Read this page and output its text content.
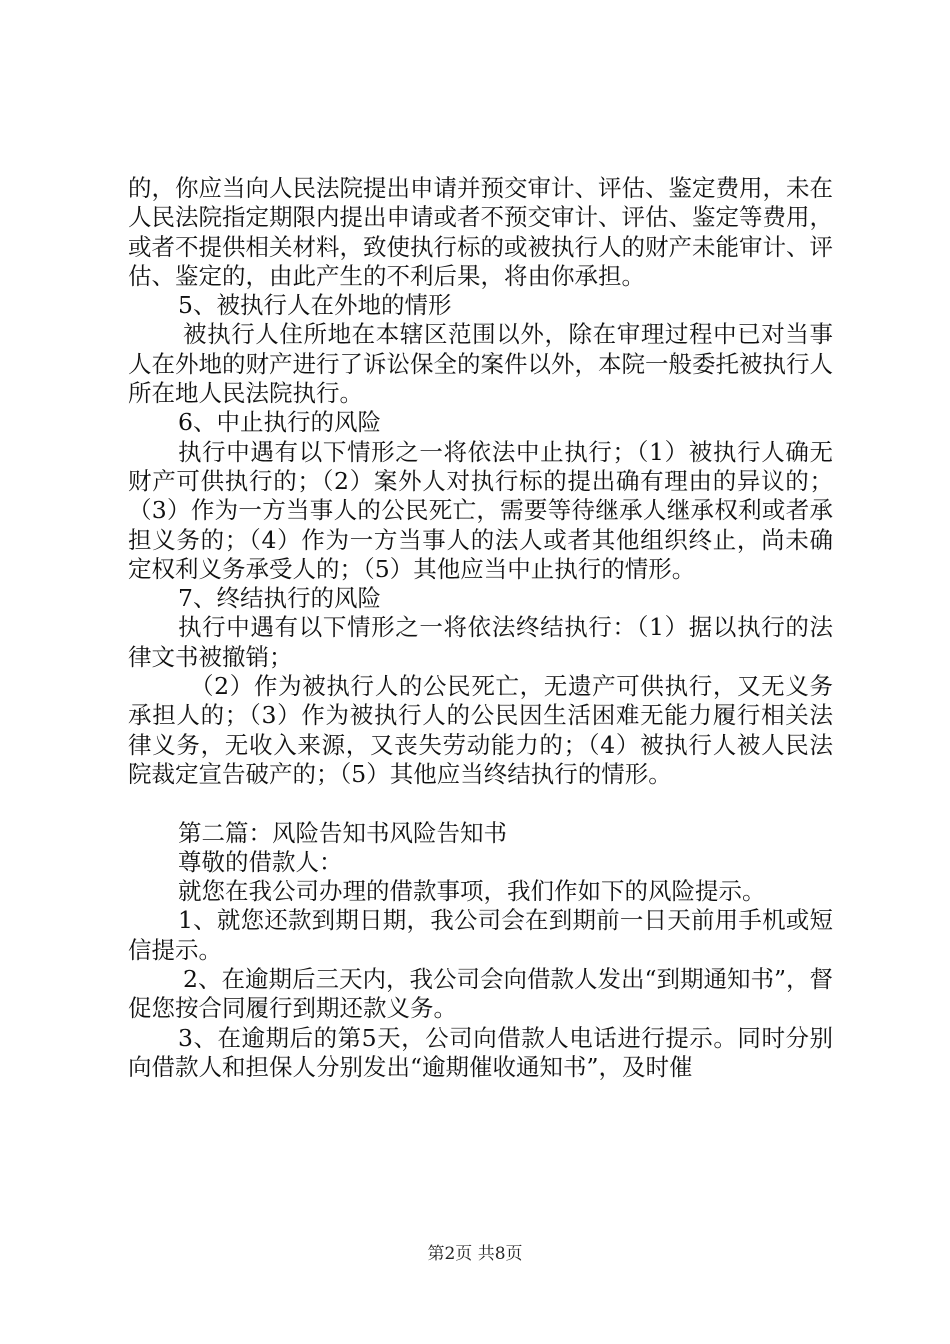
的，你应当向人民法院提出申请并预交审计、评估、鉴定费用，未在人民法院指定期限内提出申请或者不预交审计、评估、鉴定等费用，或者不提供相关材料，致使执行标的或被执行人的财产未能审计、评估、鉴定的，由此产生的不利后果，将由你承担。

5、被执行人在外地的情形

被执行人住所地在本辖区范围以外，除在审理过程中已对当事人在外地的财产进行了诉讼保全的案件以外，本院一般委托被执行人所在地人民法院执行。

6、中止执行的风险

执行中遇有以下情形之一将依法中止执行；（1）被执行人确无财产可供执行的；（2）案外人对执行标的提出确有理由的异议的；（3）作为一方当事人的公民死亡，需要等待继承人继承权利或者承担义务的；（4）作为一方当事人的法人或者其他组织终止，尚未确定权利义务承受人的；（5）其他应当中止执行的情形。

7、终结执行的风险

执行中遇有以下情形之一将依法终结执行：（1）据以执行的法律文书被撤销；

（2）作为被执行人的公民死亡，无遗产可供执行，又无义务承担人的；（3）作为被执行人的公民因生活困难无能力履行相关法律义务，无收入来源，又丧失劳动能力的；（4）被执行人被人民法院裁定宣告破产的；（5）其他应当终结执行的情形。

第二篇：风险告知书风险告知书

尊敬的借款人：

就您在我公司办理的借款事项，我们作如下的风险提示。

1、就您还款到期日期，我公司会在到期前一日天前用手机或短信提示。

2、在逾期后三天内，我公司会向借款人发出“到期通知书”，督促您按合同履行到期还款义务。

3、在逾期后的第5天，公司向借款人电话进行提示。同时分别向借款人和担保人分别发出“逾期催收通知书”，及时催

第2页 共8页
